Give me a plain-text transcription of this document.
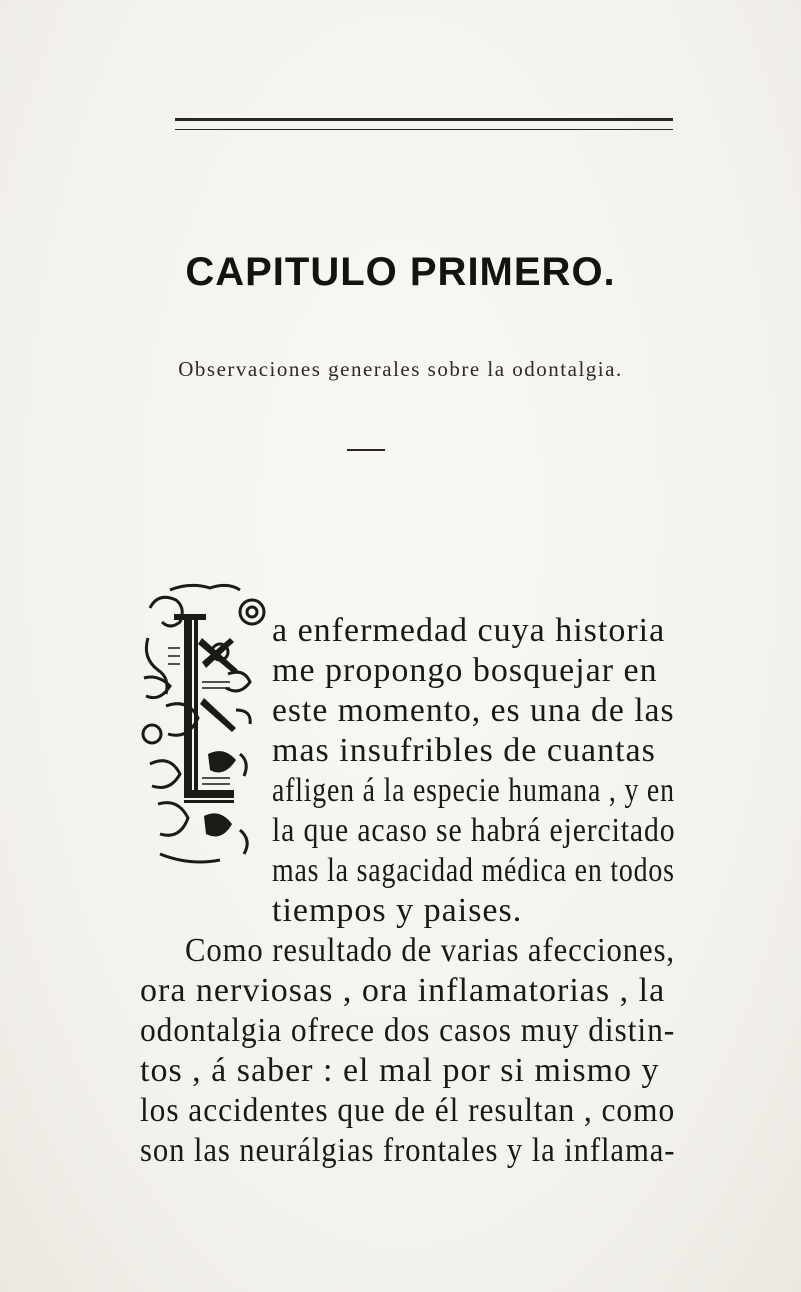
CAPITULO PRIMERO.
Observaciones generales sobre la odontalgia.
a enfermedad cuya historia
me propongo bosquejar en
este momento, es una de las
mas insufribles de cuantas
afligen á la especie humana , y en
la que acaso se habrá ejercitado
mas la sagacidad médica en todos
tiempos y paises.
Como resultado de varias afecciones,
ora nerviosas , ora inflamatorias , la
odontalgia ofrece dos casos muy distin-
tos , á saber : el mal por si mismo y
los accidentes que de él resultan , como
son las neurálgias frontales y la inflama-
